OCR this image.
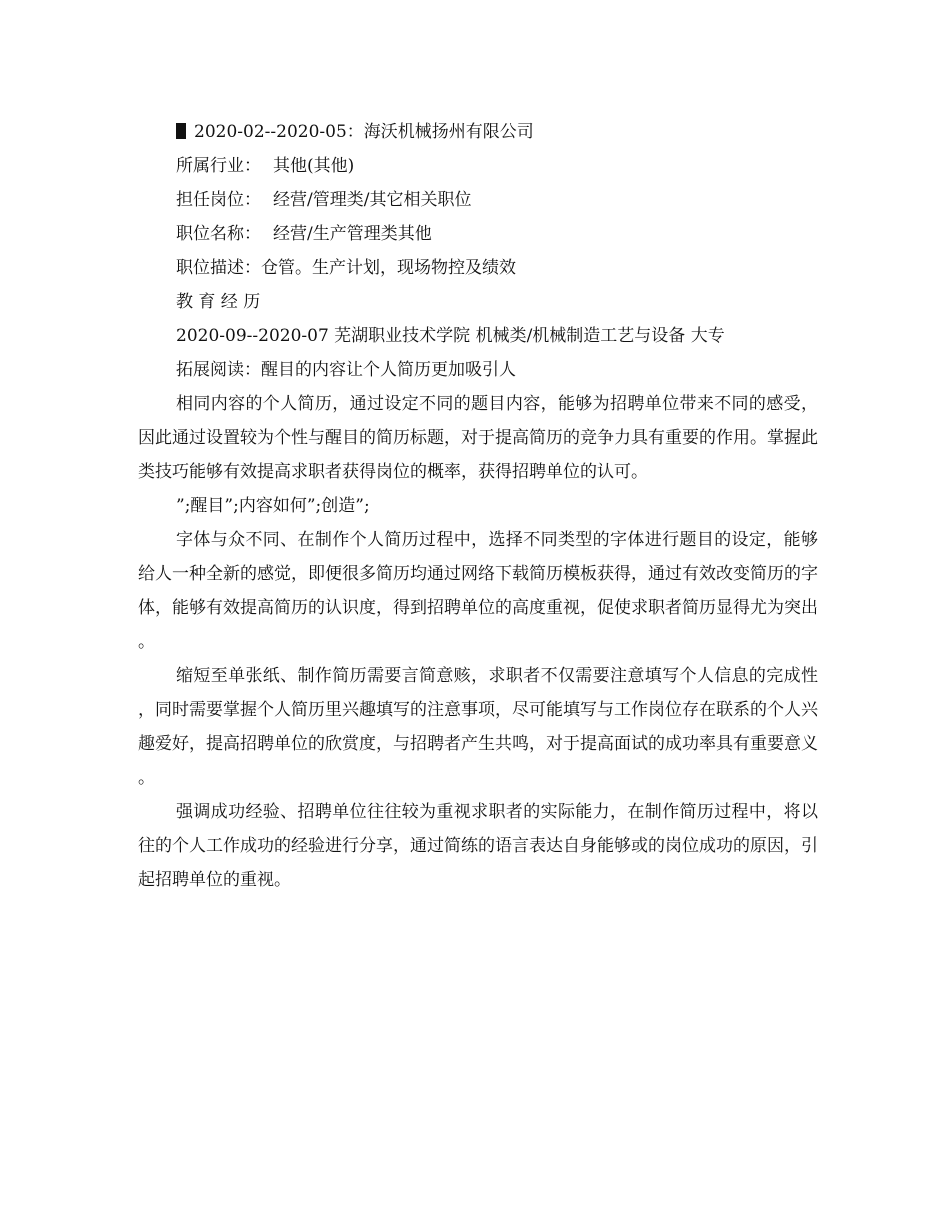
2020-02--2020-05：海沃机械扬州有限公司
所属行业： 其他(其他)
担任岗位： 经营/管理类/其它相关职位
职位名称： 经营/生产管理类其他
职位描述：仓管。生产计划，现场物控及绩效
教 育 经 历
2020-09--2020-07 芜湖职业技术学院 机械类/机械制造工艺与设备 大专
拓展阅读：醒目的内容让个人简历更加吸引人
相同内容的个人简历，通过设定不同的题目内容，能够为招聘单位带来不同的感受，因此通过设置较为个性与醒目的简历标题，对于提高简历的竞争力具有重要的作用。掌握此类技巧能够有效提高求职者获得岗位的概率，获得招聘单位的认可。
”;醒目”;内容如何”;创造”;
字体与众不同、在制作个人简历过程中，选择不同类型的字体进行题目的设定，能够给人一种全新的感觉，即便很多简历均通过网络下载简历模板获得，通过有效改变简历的字体，能够有效提高简历的认识度，得到招聘单位的高度重视，促使求职者简历显得尤为突出。
缩短至单张纸、制作简历需要言简意赅，求职者不仅需要注意填写个人信息的完成性，同时需要掌握个人简历里兴趣填写的注意事项，尽可能填写与工作岗位存在联系的个人兴趣爱好，提高招聘单位的欣赏度，与招聘者产生共鸣，对于提高面试的成功率具有重要意义。
强调成功经验、招聘单位往往较为重视求职者的实际能力，在制作简历过程中，将以往的个人工作成功的经验进行分享，通过简练的语言表达自身能够或的岗位成功的原因，引起招聘单位的重视。
